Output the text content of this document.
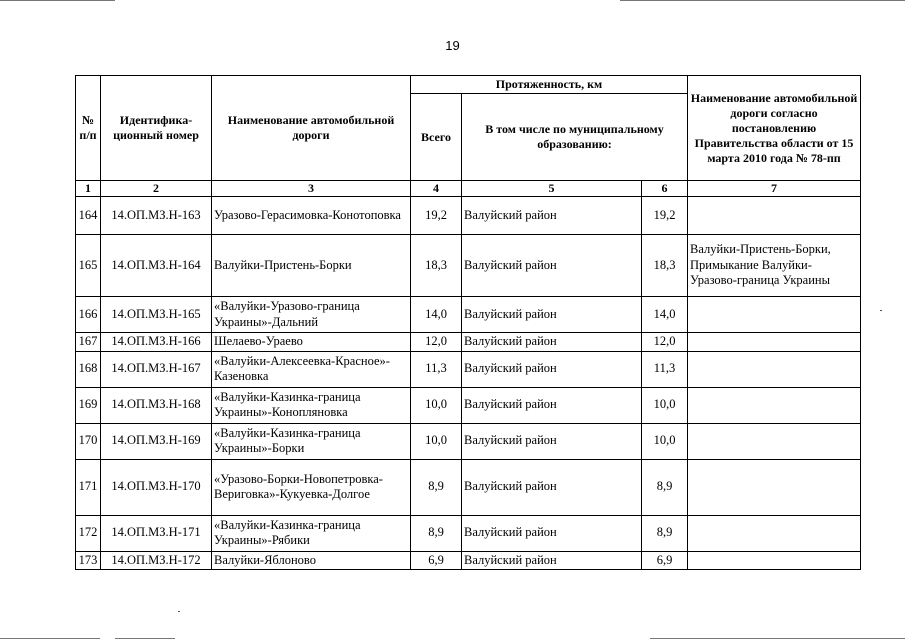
19
№ п/п	Идентифика-ционный номер	Наименование автомобильной дороги	Протяженность, км			Наименование автомобильной дороги согласно постановлению Правительства области от 15 марта 2010 года № 78-пп
			Всего	В том числе по муниципальному образованию:		
1	2	3	4	5	6	7
164	14.ОП.МЗ.Н-163	Уразово-Герасимовка-Конотоповка	19,2	Валуйский район	19,2	
165	14.ОП.МЗ.Н-164	Валуйки-Пристень-Борки	18,3	Валуйский район	18,3	Валуйки-Пристень-Борки, Примыкание Валуйки-Уразово-граница Украины
166	14.ОП.МЗ.Н-165	«Валуйки-Уразово-граница Украины»-Дальний	14,0	Валуйский район	14,0	
167	14.ОП.МЗ.Н-166	Шелаево-Ураево	12,0	Валуйский район	12,0	
168	14.ОП.МЗ.Н-167	«Валуйки-Алексеевка-Красное»-Казеновка	11,3	Валуйский район	11,3	
169	14.ОП.МЗ.Н-168	«Валуйки-Казинка-граница Украины»-Конопляновка	10,0	Валуйский район	10,0	
170	14.ОП.МЗ.Н-169	«Валуйки-Казинка-граница Украины»-Борки	10,0	Валуйский район	10,0	
171	14.ОП.МЗ.Н-170	«Уразово-Борки-Новопетровка-Вериговка»-Кукуевка-Долгое	8,9	Валуйский район	8,9	
172	14.ОП.МЗ.Н-171	«Валуйки-Казинка-граница Украины»-Рябики	8,9	Валуйский район	8,9	
173	14.ОП.МЗ.Н-172	Валуйки-Яблоново	6,9	Валуйский район	6,9	
